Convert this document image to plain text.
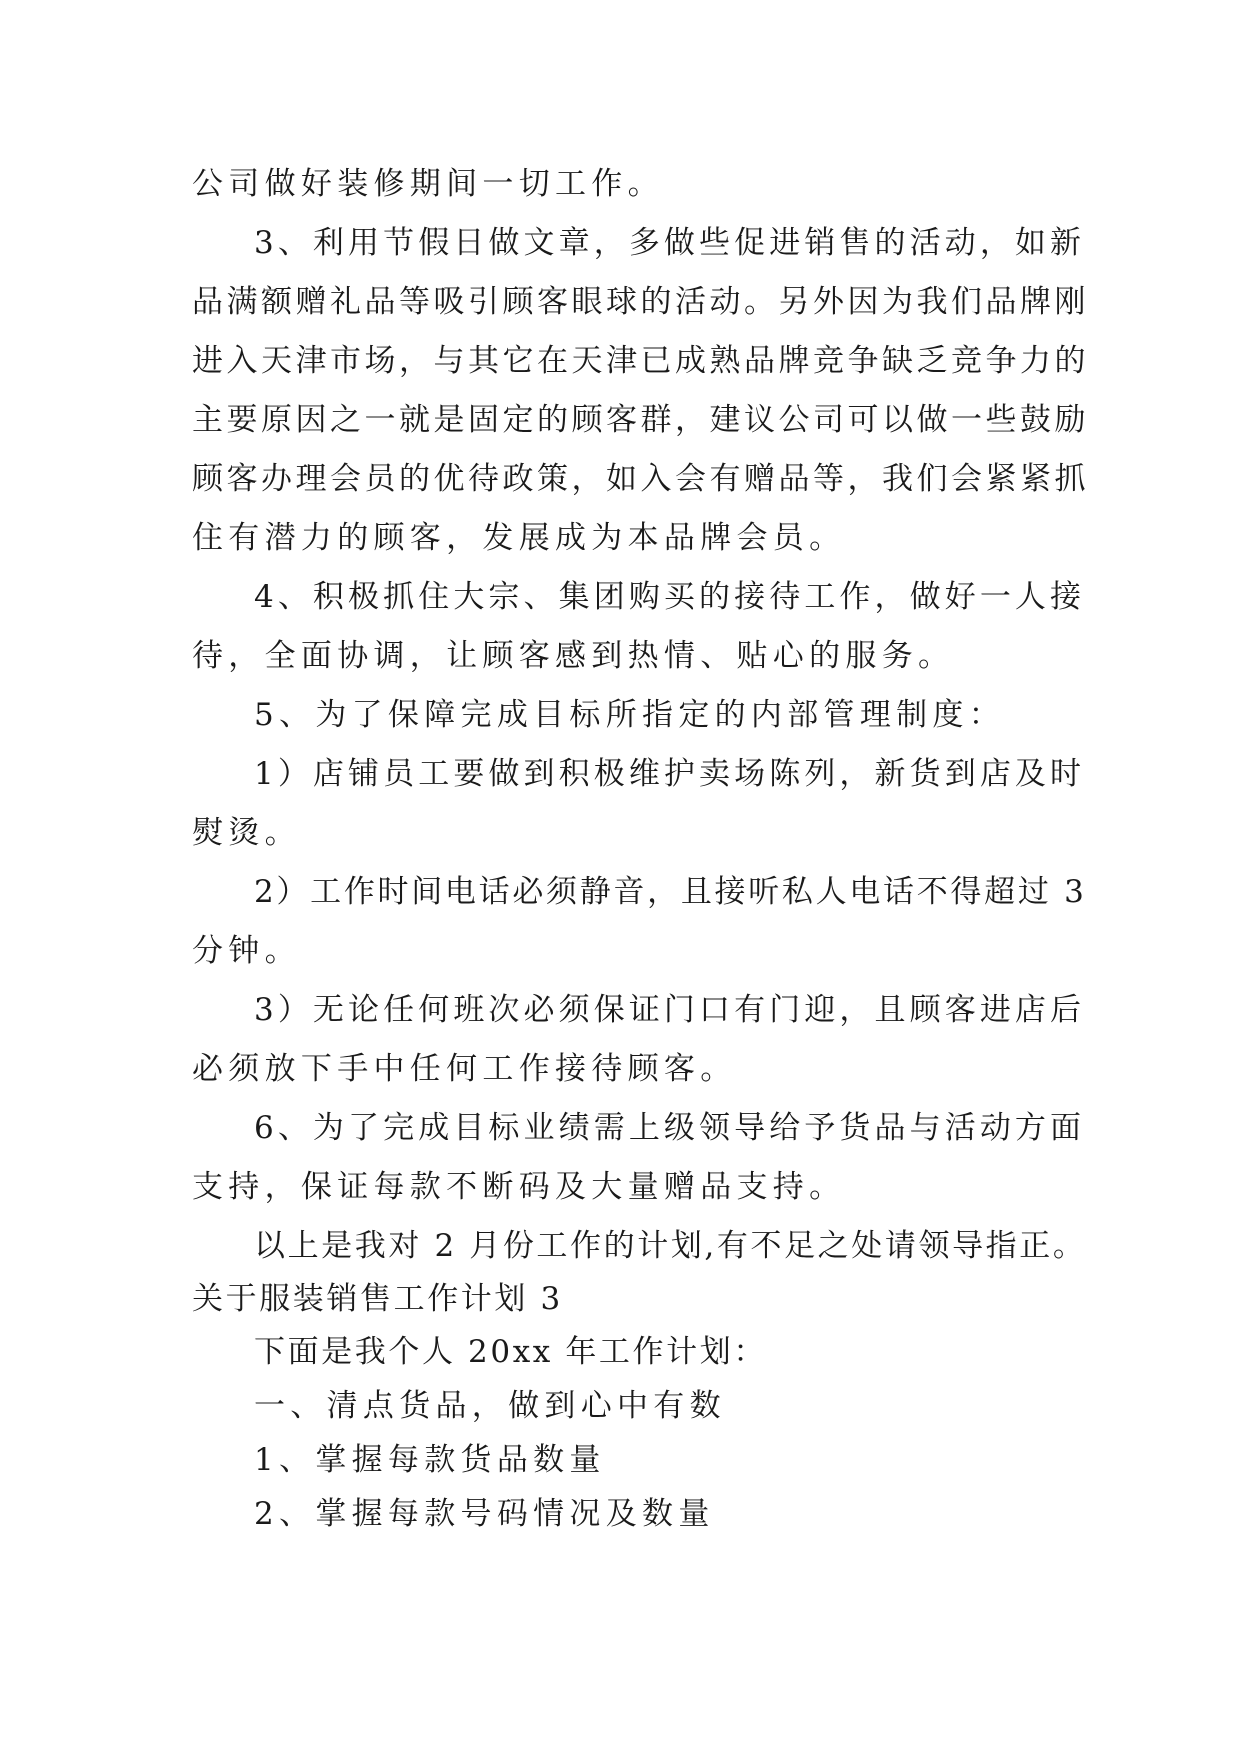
公司做好装修期间一切工作。
3、利用节假日做文章，多做些促进销售的活动，如新
品满额赠礼品等吸引顾客眼球的活动。另外因为我们品牌刚
进入天津市场，与其它在天津已成熟品牌竞争缺乏竞争力的
主要原因之一就是固定的顾客群，建议公司可以做一些鼓励
顾客办理会员的优待政策，如入会有赠品等，我们会紧紧抓
住有潜力的顾客，发展成为本品牌会员。
4、积极抓住大宗、集团购买的接待工作，做好一人接
待，全面协调，让顾客感到热情、贴心的服务。
5、为了保障完成目标所指定的内部管理制度：
1）店铺员工要做到积极维护卖场陈列，新货到店及时
熨烫。
2）工作时间电话必须静音，且接听私人电话不得超过 3
分钟。
3）无论任何班次必须保证门口有门迎，且顾客进店后
必须放下手中任何工作接待顾客。
6、为了完成目标业绩需上级领导给予货品与活动方面
支持，保证每款不断码及大量赠品支持。
以上是我对 2 月份工作的计划,有不足之处请领导指正。
关于服装销售工作计划 3
下面是我个人 20xx 年工作计划：
一、清点货品，做到心中有数
1、掌握每款货品数量
2、掌握每款号码情况及数量
